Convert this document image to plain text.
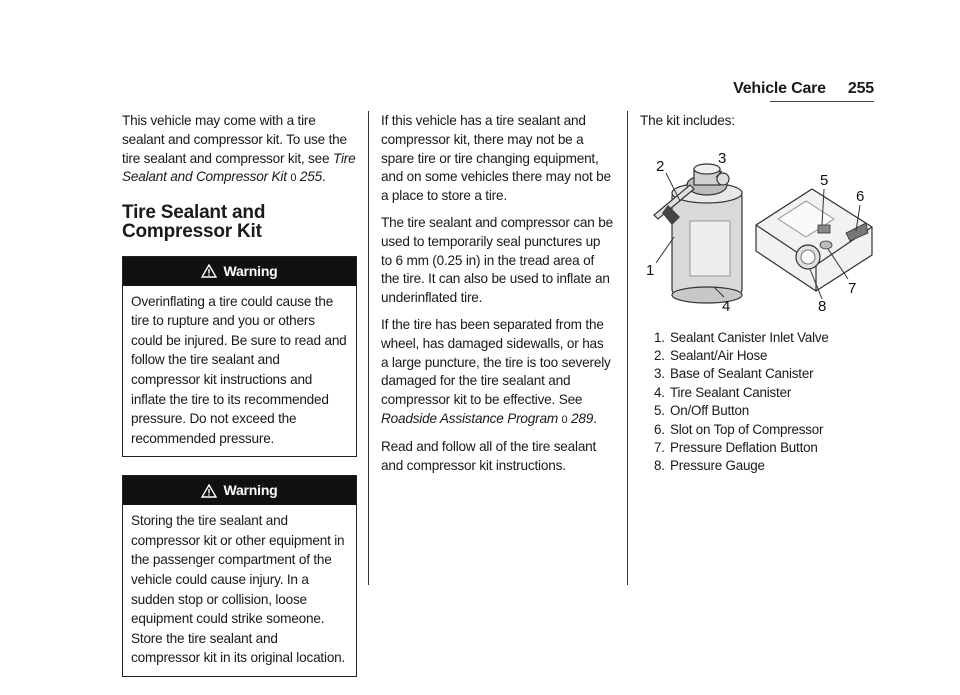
Vehicle Care 255

This vehicle may come with a tire sealant and compressor kit. To use the tire sealant and compressor kit, see Tire Sealant and Compressor Kit 0 255.

Tire Sealant and Compressor Kit
Warning
Overinflating a tire could cause the tire to rupture and you or others could be injured. Be sure to read and follow the tire sealant and compressor kit instructions and inflate the tire to its recommended pressure. Do not exceed the recommended pressure.
Warning
Storing the tire sealant and compressor kit or other equipment in the passenger compartment of the vehicle could cause injury. In a sudden stop or collision, loose equipment could strike someone. Store the tire sealant and compressor kit in its original location.

If this vehicle has a tire sealant and compressor kit, there may not be a spare tire or tire changing equipment, and on some vehicles there may not be a place to store a tire.

The tire sealant and compressor can be used to temporarily seal punctures up to 6 mm (0.25 in) in the tread area of the tire. It can also be used to inflate an underinflated tire.

If the tire has been separated from the wheel, has damaged sidewalls, or has a large puncture, the tire is too severely damaged for the tire sealant and compressor kit to be effective. See Roadside Assistance Program 0 289.

Read and follow all of the tire sealant and compressor kit instructions.

The kit includes:

2	3
1
4
5
6
7
8
1. Sealant Canister Inlet Valve
2. Sealant/Air Hose
3. Base of Sealant Canister
4. Tire Sealant Canister
5. On/Off Button
6. Slot on Top of Compressor
7. Pressure Deflation Button
8. Pressure Gauge
